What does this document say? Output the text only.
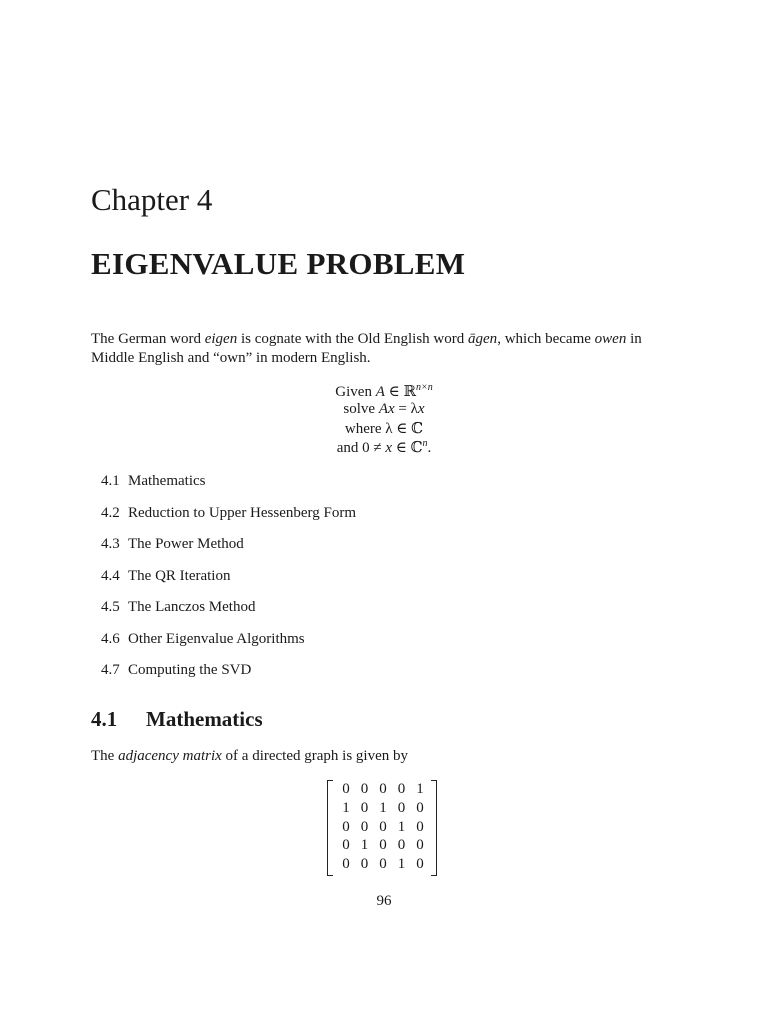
Chapter 4
EIGENVALUE PROBLEM
The German word eigen is cognate with the Old English word āgen, which became owen in
Middle English and “own” in modern English.
Given A ∈ ℝ$^{n\times n}$
solve Ax = λx
where λ ∈ ℂ
and 0 ≠ x ∈ ℂ$^n$.
4.1 Mathematics
4.2 Reduction to Upper Hessenberg Form
4.3 The Power Method
4.4 The QR Iteration
4.5 The Lanczos Method
4.6 Other Eigenvalue Algorithms
4.7 Computing the SVD
4.1 Mathematics
The adjacency matrix of a directed graph is given by
0 0 0 0 1
1 0 1 0 0
0 0 0 1 0
0 1 0 0 0
0 0 0 1 0
96
